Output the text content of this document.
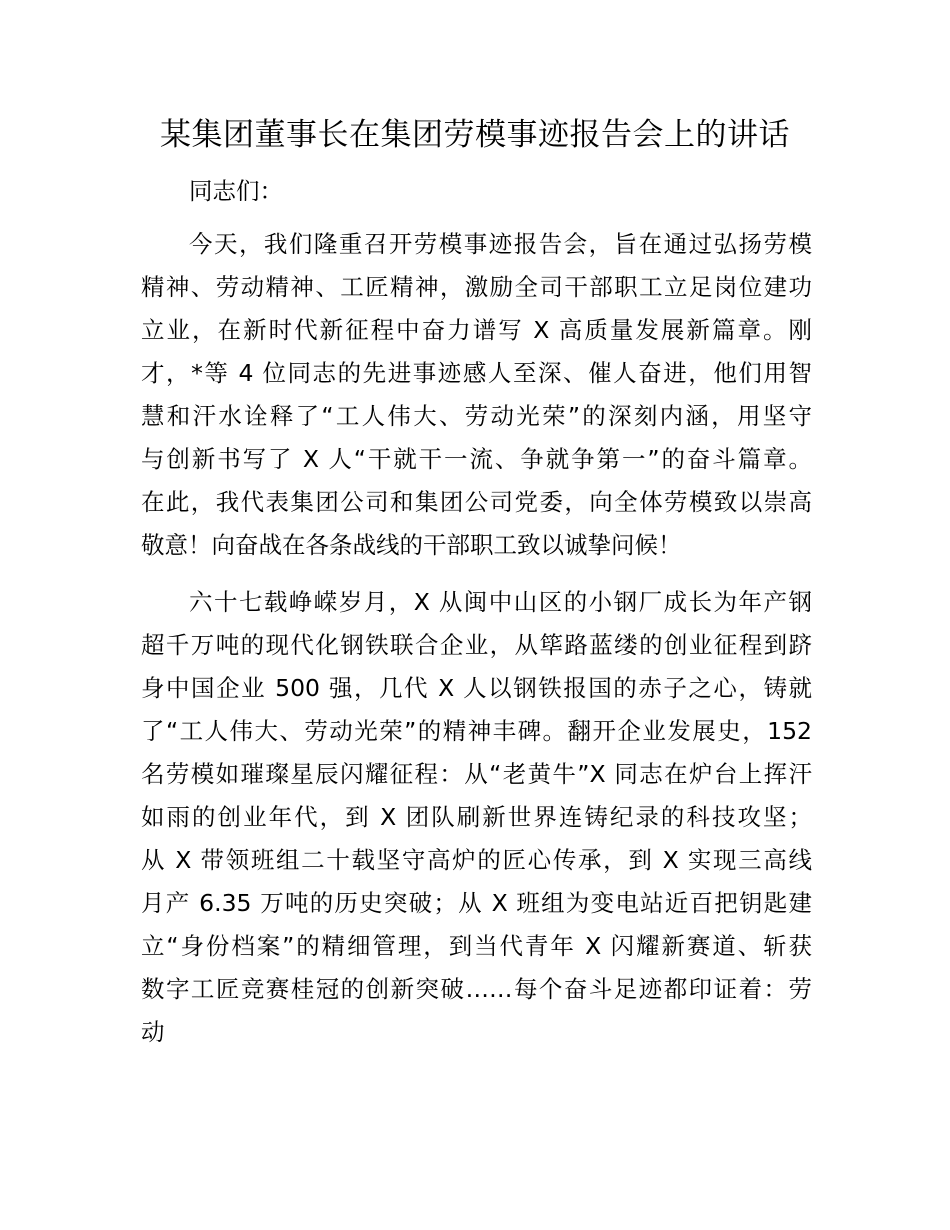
某集团董事长在集团劳模事迹报告会上的讲话

同志们：

今天，我们隆重召开劳模事迹报告会，旨在通过弘扬劳模

精神、劳动精神、工匠精神，激励全司干部职工立足岗位建功

立业，在新时代新征程中奋力谱写 X 高质量发展新篇章。刚

才，*等 4 位同志的先进事迹感人至深、催人奋进，他们用智

慧和汗水诠释了“工人伟大、劳动光荣”的深刻内涵，用坚守

与创新书写了 X 人“干就干一流、争就争第一”的奋斗篇章。

在此，我代表集团公司和集团公司党委，向全体劳模致以崇高

敬意！向奋战在各条战线的干部职工致以诚挚问候！

六十七载峥嵘岁月，X 从闽中山区的小钢厂成长为年产钢

超千万吨的现代化钢铁联合企业，从筚路蓝缕的创业征程到跻

身中国企业 500 强，几代 X 人以钢铁报国的赤子之心，铸就

了“工人伟大、劳动光荣”的精神丰碑。翻开企业发展史，152

名劳模如璀璨星辰闪耀征程：从“老黄牛”X 同志在炉台上挥汗

如雨的创业年代，到 X 团队刷新世界连铸纪录的科技攻坚；

从 X 带领班组二十载坚守高炉的匠心传承，到 X 实现三高线

月产 6.35 万吨的历史突破；从 X 班组为变电站近百把钥匙建

立“身份档案”的精细管理，到当代青年 X 闪耀新赛道、斩获

数字工匠竞赛桂冠的创新突破……每个奋斗足迹都印证着：劳

动
